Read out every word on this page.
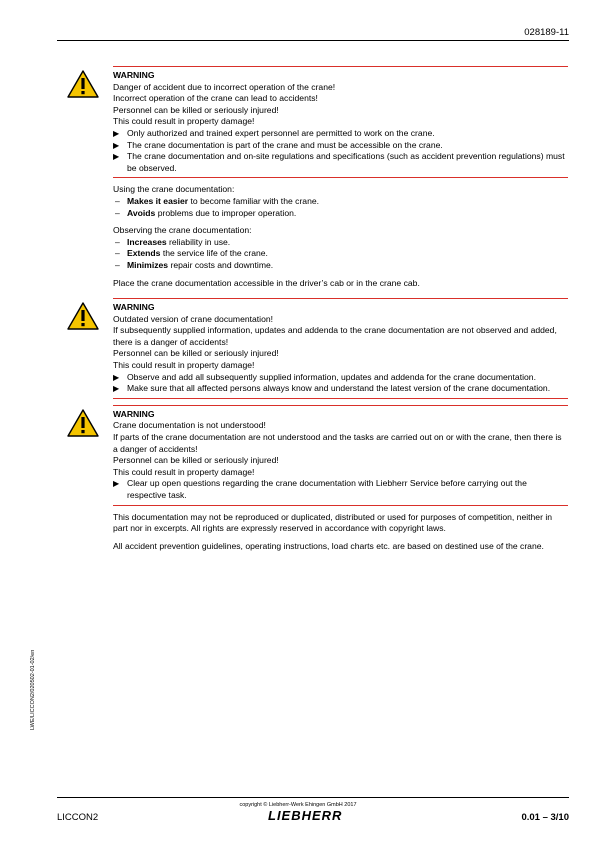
028189-11
WARNING
Danger of accident due to incorrect operation of the crane!
Incorrect operation of the crane can lead to accidents!
Personnel can be killed or seriously injured!
This could result in property damage!
▶ Only authorized and trained expert personnel are permitted to work on the crane.
▶ The crane documentation is part of the crane and must be accessible on the crane.
▶ The crane documentation and on-site regulations and specifications (such as accident prevention regulations) must be observed.
Using the crane documentation:
– Makes it easier to become familiar with the crane.
– Avoids problems due to improper operation.
Observing the crane documentation:
– Increases reliability in use.
– Extends the service life of the crane.
– Minimizes repair costs and downtime.
Place the crane documentation accessible in the driver’s cab or in the crane cab.
WARNING
Outdated version of crane documentation!
If subsequently supplied information, updates and addenda to the crane documentation are not observed and added, there is a danger of accidents!
Personnel can be killed or seriously injured!
This could result in property damage!
▶ Observe and add all subsequently supplied information, updates and addenda for the crane documentation.
▶ Make sure that all affected persons always know and understand the latest version of the crane documentation.
WARNING
Crane documentation is not understood!
If parts of the crane documentation are not understood and the tasks are carried out on or with the crane, then there is a danger of accidents!
Personnel can be killed or seriously injured!
This could result in property damage!
▶ Clear up open questions regarding the crane documentation with Liebherr Service before carrying out the respective task.
This documentation may not be reproduced or duplicated, distributed or used for purposes of competition, neither in part nor in excerpts. All rights are expressly reserved in accordance with copyright laws.
All accident prevention guidelines, operating instructions, load charts etc. are based on destined use of the crane.
LWE/LICCON2/020502-01-02/en
copyright © Liebherr-Werk Ehingen GmbH 2017
LIEBHERR
LICCON2	0.01 – 3/10
